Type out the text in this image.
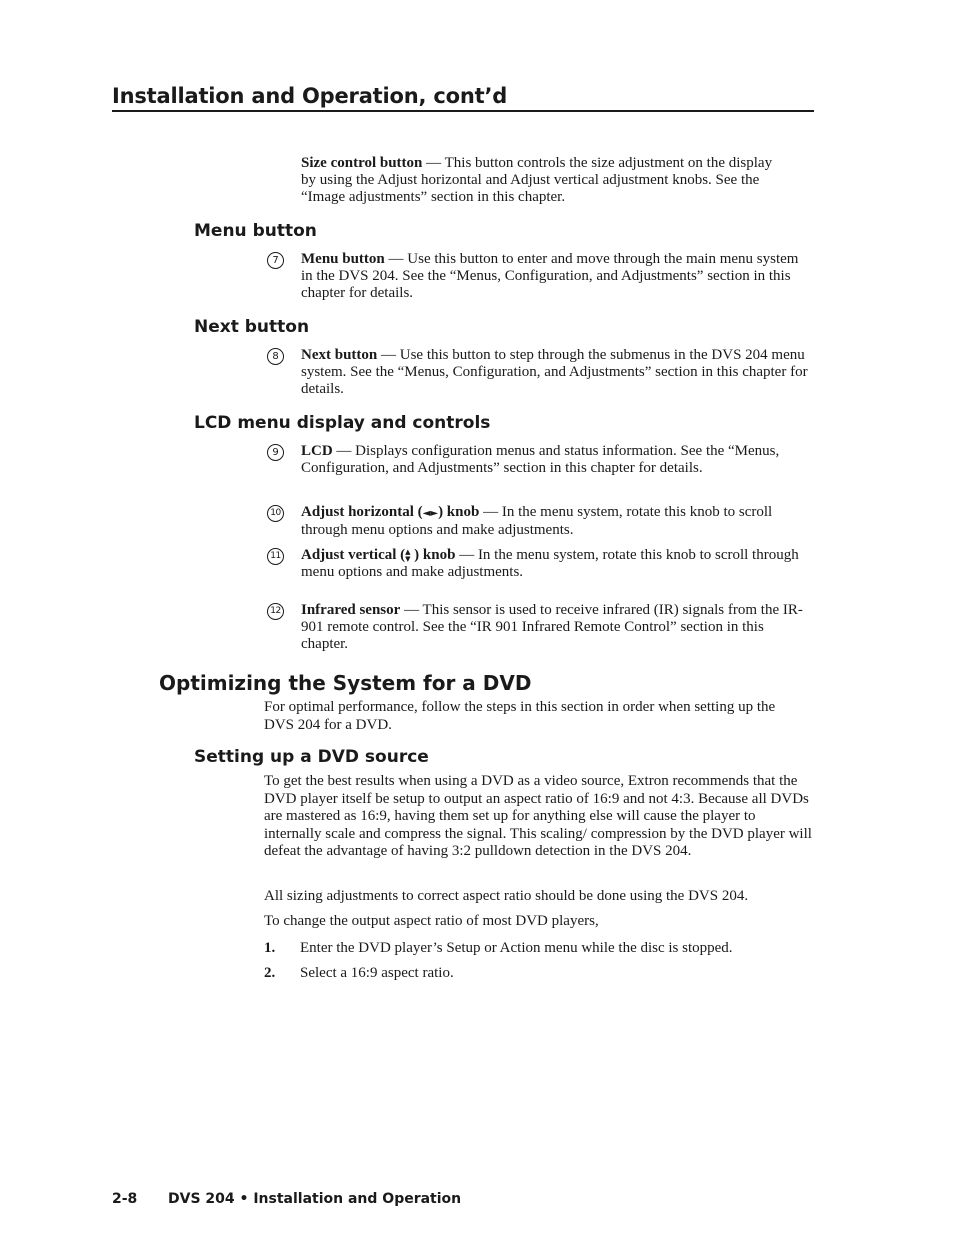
Installation and Operation, cont’d
Size control button — This button controls the size adjustment on the display by using the Adjust horizontal and Adjust vertical adjustment knobs. See the “Image adjustments” section in this chapter.
Menu button
7	Menu button — Use this button to enter and move through the main menu system in the DVS 204. See the “Menus, Configuration, and Adjustments” section in this chapter for details.
Next button
8	Next button — Use this button to step through the submenus in the DVS 204 menu system. See the “Menus, Configuration, and Adjustments” section in this chapter for details.
LCD menu display and controls
9	LCD — Displays configuration menus and status information. See the “Menus, Configuration, and Adjustments” section in this chapter for details.
10 Adjust horizontal (◄►) knob — In the menu system, rotate this knob to scroll through menu options and make adjustments.
11 Adjust vertical (▲▼ ) knob — In the menu system, rotate this knob to scroll through menu options and make adjustments.
12 Infrared sensor — This sensor is used to receive infrared (IR) signals from the IR-901 remote control. See the “IR 901 Infrared Remote Control” section in this chapter.
Optimizing the System for a DVD
For optimal performance, follow the steps in this section in order when setting up the DVS 204 for a DVD.
Setting up a DVD source
To get the best results when using a DVD as a video source, Extron recommends that the DVD player itself be setup to output an aspect ratio of 16:9 and not 4:3. Because all DVDs are mastered as 16:9, having them set up for anything else will cause the player to internally scale and compress the signal. This scaling/ compression by the DVD player will defeat the advantage of having 3:2 pulldown detection in the DVS 204.
All sizing adjustments to correct aspect ratio should be done using the DVS 204.
To change the output aspect ratio of most DVD players,
1. Enter the DVD player’s Setup or Action menu while the disc is stopped.
2. Select a 16:9 aspect ratio.
2-8 DVS 204 • Installation and Operation
